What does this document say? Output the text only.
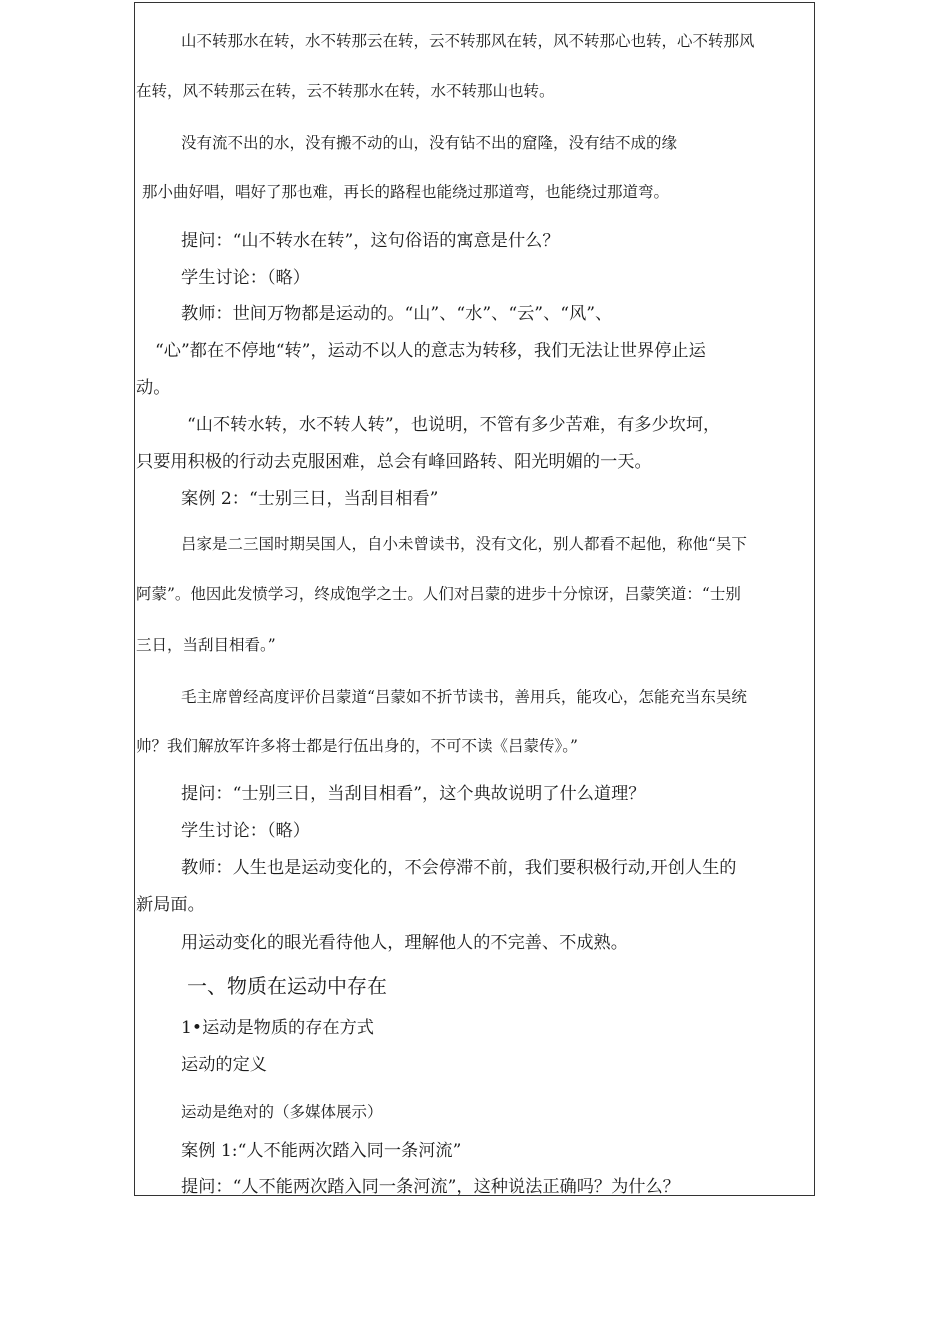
山不转那水在转，水不转那云在转，云不转那风在转，风不转那心也转，心不转那风
在转，风不转那云在转，云不转那水在转，水不转那山也转。
没有流不出的水，没有搬不动的山，没有钻不出的窟隆，没有结不成的缘
那小曲好唱，唱好了那也难，再长的路程也能绕过那道弯，也能绕过那道弯。
提问：“山不转水在转”，这句俗语的寓意是什么？
学生讨论：（略）
教师：世间万物都是运动的。“山”、“水”、“云”、“风”、
“心”都在不停地“转”，运动不以人的意志为转移，我们无法让世界停止运
动。
“山不转水转，水不转人转”，也说明，不管有多少苦难，有多少坎坷，
只要用积极的行动去克服困难，总会有峰回路转、阳光明媚的一天。
案例 2：“士别三日，当刮目相看”
吕家是二三国时期吴国人，自小未曾读书，没有文化，别人都看不起他，称他“吴下
阿蒙”。他因此发愤学习，终成饱学之士。人们对吕蒙的进步十分惊讶，吕蒙笑道：“士别
三日，当刮目相看。”
毛主席曾经高度评价吕蒙道“吕蒙如不折节读书，善用兵，能攻心，怎能充当东吴统
帅？我们解放军许多将士都是行伍出身的，不可不读《吕蒙传》。”
提问：“士别三日，当刮目相看”，这个典故说明了什么道理？
学生讨论：（略）
教师：人生也是运动变化的，不会停滞不前，我们要积极行动,开创人生的
新局面。
用运动变化的眼光看待他人，理解他人的不完善、不成熟。
一、物质在运动中存在
1•运动是物质的存在方式
运动的定义
运动是绝对的（多媒体展示）
案例 1:“人不能两次踏入同一条河流”
提问：“人不能两次踏入同一条河流”，这种说法正确吗？为什么？
